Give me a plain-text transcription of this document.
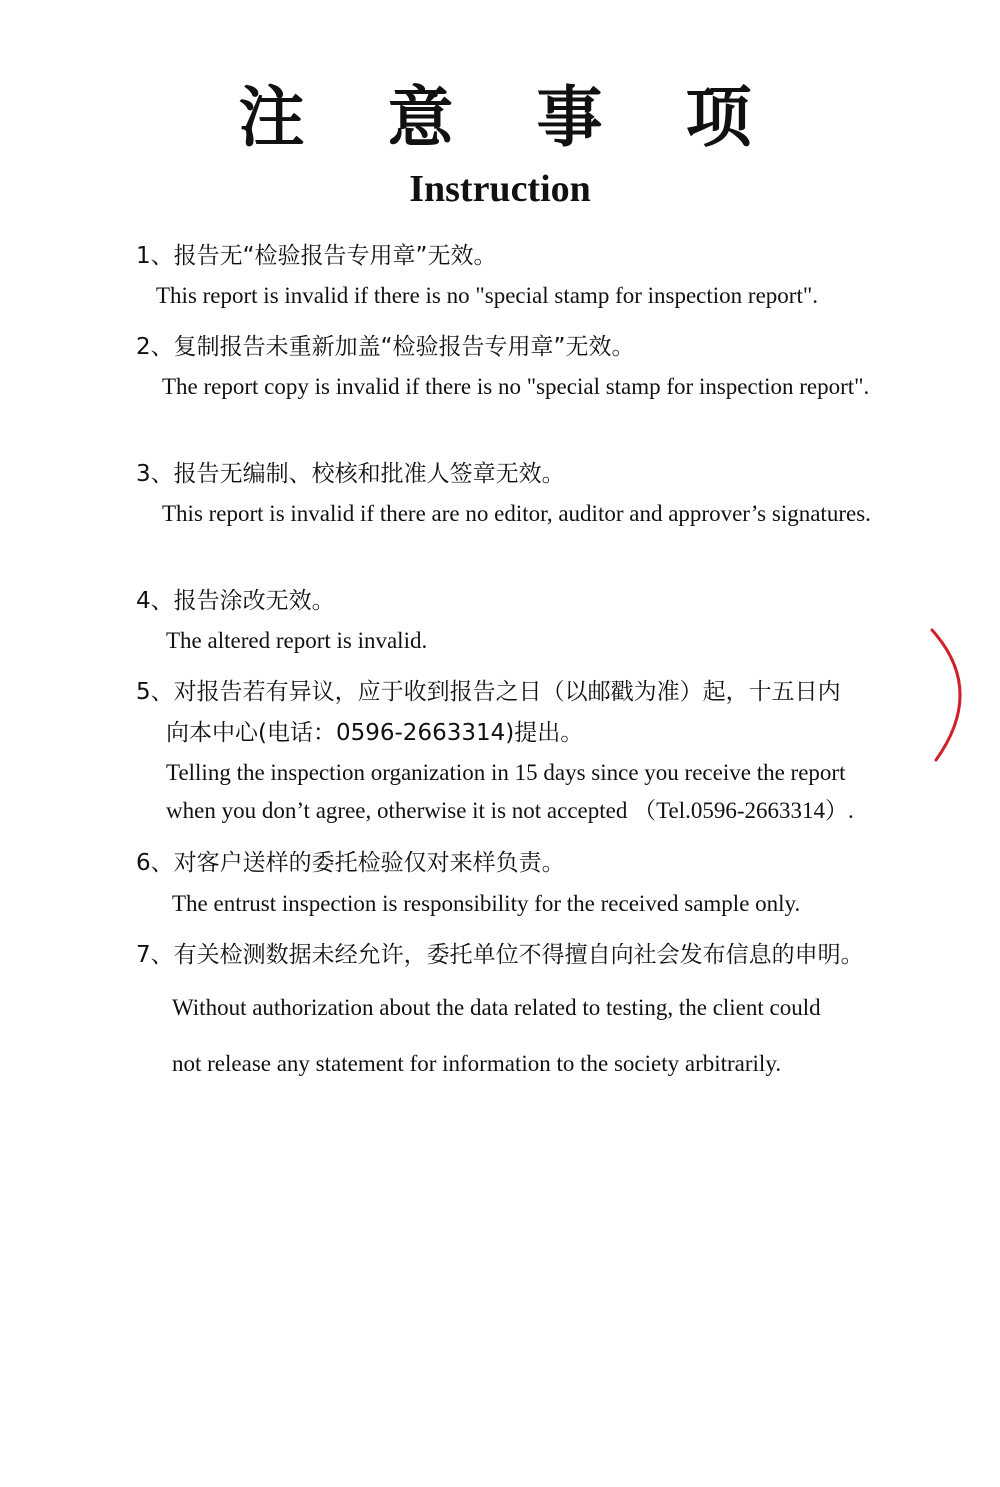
注 意 事 项
Instruction
1、报告无“检验报告专用章”无效。
This report is invalid if there is no "special stamp for inspection report".
2、复制报告未重新加盖“检验报告专用章”无效。
The report copy is invalid if there is no "special stamp for inspection report".
3、报告无编制、校核和批准人签章无效。
This report is invalid if there are no editor, auditor and approver’s signatures.
4、报告涂改无效。
The altered report is invalid.
5、对报告若有异议，应于收到报告之日（以邮戳为准）起，十五日内
向本中心(电话：0596-2663314)提出。
Telling the inspection organization in 15 days since you receive the report
when you don’t agree, otherwise it is not accepted （Tel.0596-2663314）.
6、对客户送样的委托检验仅对来样负责。
The entrust inspection is responsibility for the received sample only.
7、有关检测数据未经允许，委托单位不得擅自向社会发布信息的申明。
Without authorization about the data related to testing, the client could
not release any statement for information to the society arbitrarily.
